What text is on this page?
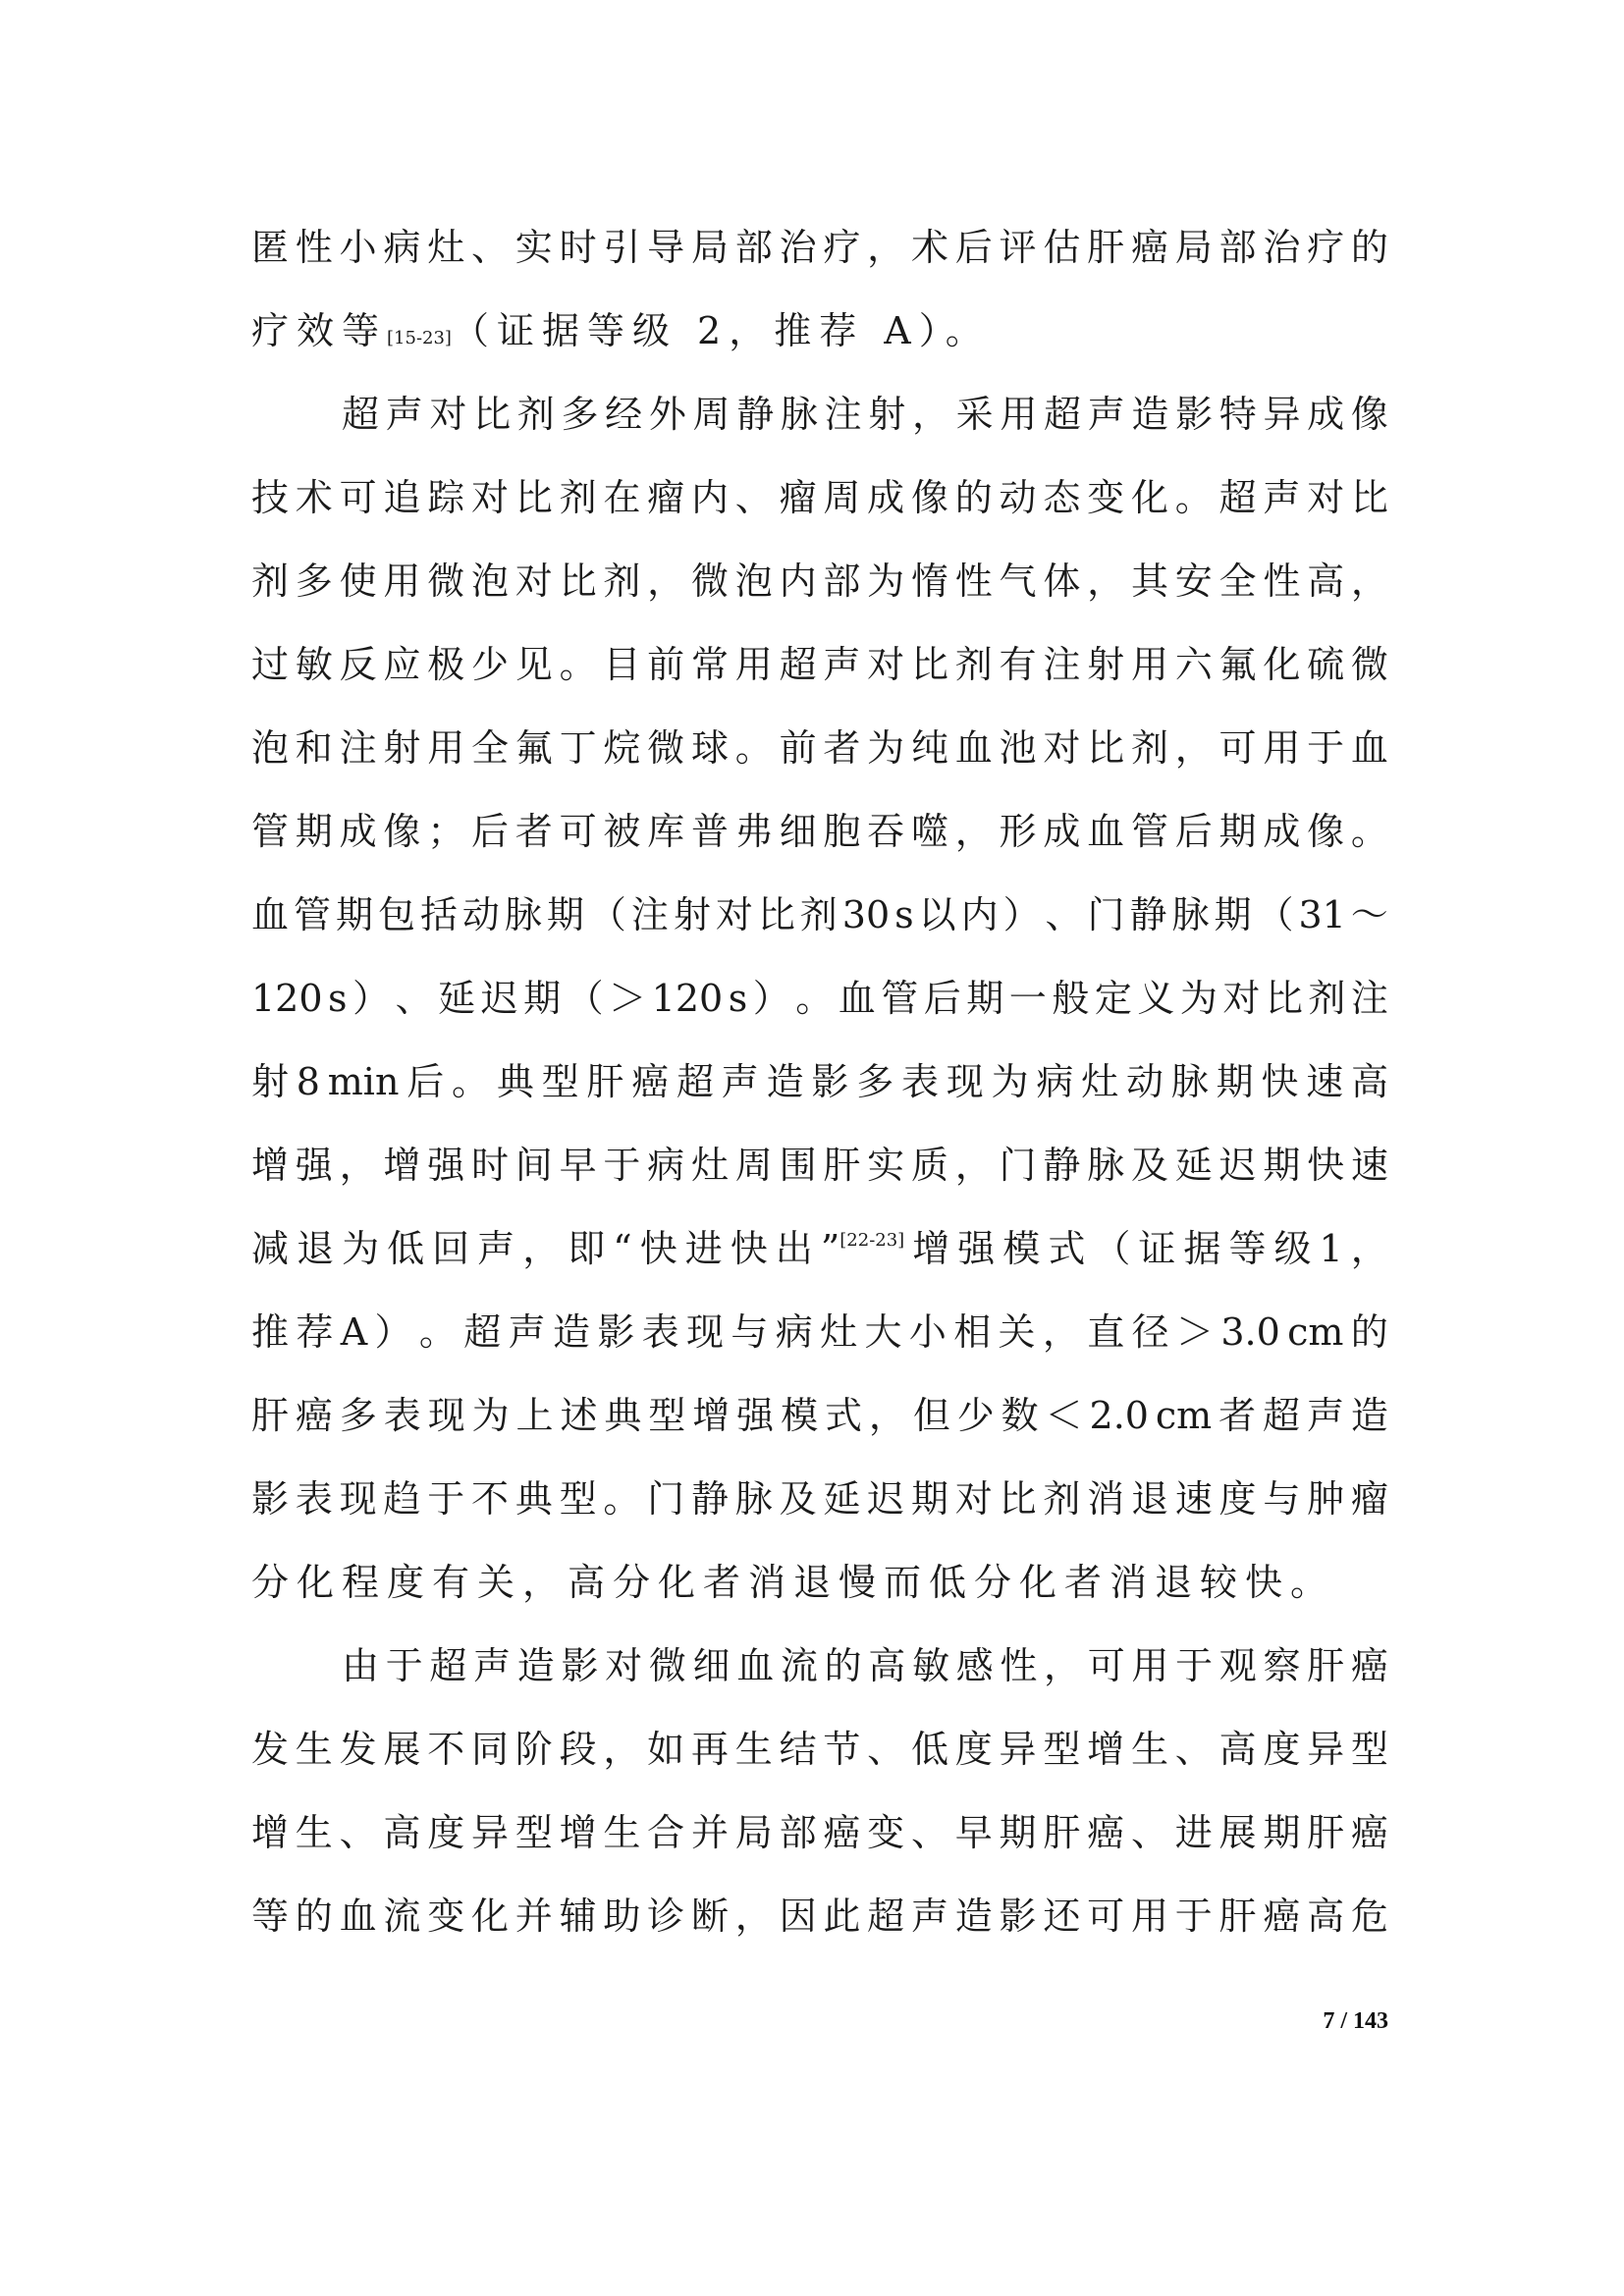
匿 性 小 病 灶 、 实 时 引 导 局 部 治 疗 ， 术 后 评 估 肝 癌 局 部 治 疗 的
疗效等 [15-23] （证据等级 2，推荐 A）。
超 声 对 比 剂 多 经 外 周 静 脉 注 射 ， 采 用 超 声 造 影 特 异 成 像
技 术 可 追 踪 对 比 剂 在 瘤 内 、 瘤 周 成 像 的 动 态 变 化 。 超 声 对 比
剂 多 使 用 微 泡 对 比 剂 ， 微 泡 内 部 为 惰 性 气 体 ， 其 安 全 性 高 ，
过 敏 反 应 极 少 见 。 目 前 常 用 超 声 对 比 剂 有 注 射 用 六 氟 化 硫 微
泡 和 注 射 用 全 氟 丁 烷 微 球 。 前 者 为 纯 血 池 对 比 剂 ， 可 用 于 血
管 期 成 像 ； 后 者 可 被 库 普 弗 细 胞 吞 噬 ， 形 成 血 管 后 期 成 像 。
血 管 期 包 括 动 脉 期 （ 注 射 对 比 剂 30 s 以 内 ） 、 门 静 脉 期 （ 31 ～
120 s ） 、 延 迟 期 （ ＞ 120 s ） 。 血 管 后 期 一 般 定 义 为 对 比 剂 注
射 8 min 后 。 典 型 肝 癌 超 声 造 影 多 表 现 为 病 灶 动 脉 期 快 速 高
增 强 ， 增 强 时 间 早 于 病 灶 周 围 肝 实 质 ， 门 静 脉 及 延 迟 期 快 速
减 退 为 低 回 声 ， 即 “ 快 进 快 出 ”[22-23] 增 强 模 式 （ 证 据 等 级 1 ，
推 荐 A ） 。 超 声 造 影 表 现 与 病 灶 大 小 相 关 ， 直 径 ＞ 3.0 cm 的
肝 癌 多 表 现 为 上 述 典 型 增 强 模 式 ， 但 少 数 ＜ 2.0 cm 者 超 声 造
影 表 现 趋 于 不 典 型 。 门 静 脉 及 延 迟 期 对 比 剂 消 退 速 度 与 肿 瘤
分化程度有关，高分化者消退慢而低分化者消退较快。
由 于 超 声 造 影 对 微 细 血 流 的 高 敏 感 性 ， 可 用 于 观 察 肝 癌
发 生 发 展 不 同 阶 段 ， 如 再 生 结 节 、 低 度 异 型 增 生 、 高 度 异 型
增 生 、 高 度 异 型 增 生 合 并 局 部 癌 变 、 早 期 肝 癌 、 进 展 期 肝 癌
等 的 血 流 变 化 并 辅 助 诊 断 ， 因 此 超 声 造 影 还 可 用 于 肝 癌 高 危
7 / 143
